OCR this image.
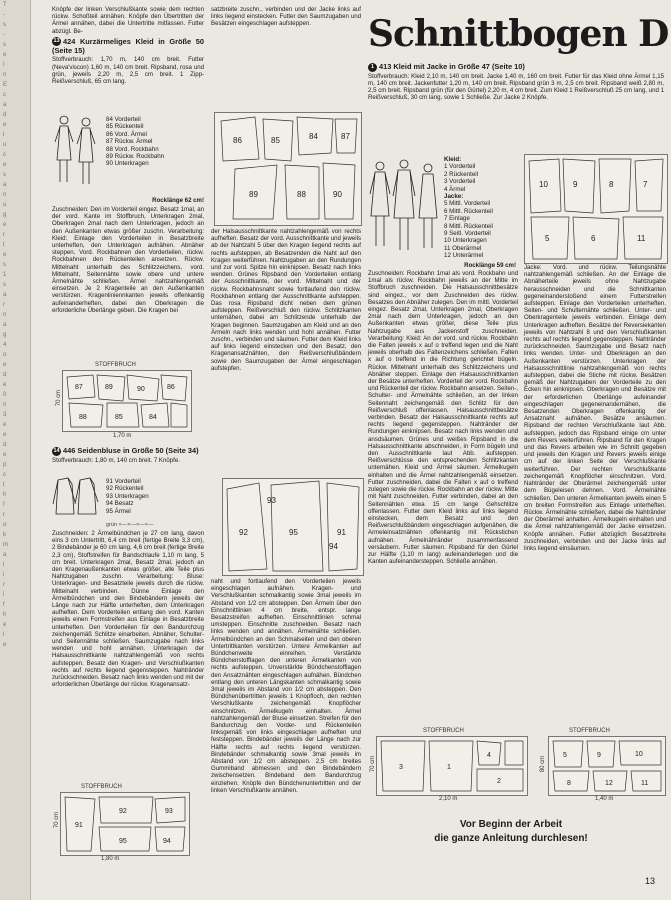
T
-
s
-
s
e
I
n
E
c
a
d
e
l
u
c
e
s
a
n
u
g
e
r
t
e
s
1
s
a
r
n
a
g
4
o
e
d
e
0
n
3
e
e
d
e
p
c
t
h
f
r
o
k
m
a
l
i
r
i
f
h
e
l
e
Schnittbogen D

Knöpfe der linken Verschlußkante sowie dem rechten rückw. Schoßteil annähen. Knöpfe den Übertritten der Ärmel annähen, dabei die Untertritte mitfassen. Futter abzügl. Be-

13 424 Kurzärmeliges Kleid in Größe 50 (Seite 15)

Stoffverbrauch: 1,70 m, 140 cm breit. Futter (Neva'viscon) 1,60 m, 140 cm breit. Ripsband, rosa und grün, jeweils 2,20 m, 2,5 cm breit. 1 Zipp-Reißverschluß, 65 cm lang.

84 Vorderteil
85 Rückenteil
86 Vord. Ärmel
87 Rückw. Ärmel
88 Vord. Rockbahn
89 Rückw. Rockbahn
90 Unterkragen
Rocklänge 62 cm!
Zuschneiden: Den im Vorderteil eingez. Besatz 1mal, an der vord. Kante im Stoffbruch, Unterkragen 2mal, Oberkragen 2mal nach dem Unterkragen, jedoch an den Außenkanten etwas größer zuschn. Verarbeitung: Kleid: Einlage den Vorderteilen in Besatzbreite unterheften, den Unterkragen aufnähen. Abnäher steppen. Vord. Rockbahnen den Vorderteilen, rückw. Rockbahnen den Rückenteilen ansetzen. Rückw. Mittelnaht unterhalb des Schlitzzeichens, vord. Mittelnaht, Seitennähte sowie obere und untere Ärmelnähte schließen. Ärmel nahtzahlengemäß einsetzen. Je 2 Kragenteile an den Außenkanten verstürzen. Kragenliniennkanten jeweils offenkantig aufeinanderheften, dabei den Oberkragen die erforderliche Überlänge geben. Die Kragen bei
STOFFBRUCH
87	89	90	86
88	85	84
70 cm
1,70 m
14 446 Seidenbluse in Größe 50 (Seite 34)

Stoffverbrauch: 1,80 m, 140 cm breit. 7 Knöpfe.

91 Vorderteil
92 Rückenteil
93 Unterkragen
94 Besatz
95 Ärmel
grün ×—×—×—×—
Zuschneiden: 2 Ärmelbündchen je 27 cm lang, davon eins 3 cm Untertritt, 6,4 cm breit (fertige Breite 3,3 cm), 2 Bindebänder je 60 cm lang, 4,6 cm breit (fertige Breite 2,3 cm), Stoffstreifen für Bandschlaufe 1,10 m lang, 5 cm breit. Unterkragen 2mal, Besatz 2mal, jedoch an den Kragenaußenkanten etwas größer, alle Teile plus Nahtzugaben zuschn. Verarbeitung: Bluse: Unterkragen- und Besatzteile jeweils durch die rückw. Mittelnaht verbinden. Dünne Einlage den Ärmelbündchen und den Bindebändern jeweils der Länge nach zur Hälfte unterheften, dem Unterkragen aufheften. Dem Vorderteilen entlang den vord. Kanten jeweils einen Formstreifen aus Einlage in Besatzbreite unterheften. Den Vorderteilen für den Bandurchzug zeichengemäß Schlitze einarbeiten. Abnäher, Schulter- und Seitennähte schließen. Saumzugabe nach links wenden und hohl annähen. Unterkragen der Halsausschnittkante nahtzahlengemäß von rechts aufsteppen. Besatz den Kragen- und Verschlußkanten rechts auf rechts liegend gegensteppen. Nahtränder zurückschneiden. Besatz nach links wenden und mit der erforderlichen Überlänge der rückw. Kragenansatz-
STOFFBRUCH
91
92	93
95	94
70 cm
1,80 m
satzbreite zuschn., verbinden und der Jacke links auf links liegend einstecken. Futter den Saumzugaben und Besätzen eingeschlagen aufsteppen.
86	85	84	87
89	88	90
der Halsausschnittkante nahtzahlengemäß von rechts aufheften. Besatz der vord. Ausschnittkante und jeweils ab der Nahtzahl 5 über den Kragen liegend rechts auf rechts aufsteppen, ab Besatzenden die Naht auf den Kragen weiterführen. Nahtzugaben an den Rundungen und zur vord. Spitze hin einknipsen. Besatz nach links wenden. Grünes Ripsband den Vorderteilen entlang der Ausschnittkante, der vord. Mittelnaht und der rückw. Rockbahnsnaht sowie fortlaufend den rückw. Rockbahnen entlang der Ausschnittkante aufsteppen. Das rosa Ripsband dicht neben dem grünen aufsteppen. Reißverschluß den rückw. Schlitzkanten unternähen, dabei am Schlitzende unterhalb der Kragen beginnen. Saumzugaben am Kleid und an den Ärmeln nach links wenden und hohl annähen. Futter zuschn., verbinden und säumen. Futter dem Kleid links auf links liegend einstecken und den Besatz, den Kragenansatznähten, den Reißverschlußbändern sowie den Saumzugaben der Ärmel eingeschlagen aufstepfen.
92	95	91
93
94
naht und fortlaufend den Vorderteilen jeweils eingeschlagen aufnähen. Kragen- und Verschlußkanten schmalkantig sowie 3mal jeweils im Abstand von 1/2 cm absteppen. Den Ärmeln über den Einschnittlinien 4 cm breite, entspr. lange Besatzstreifen aufheften. Einschnittlinien schmal umsteppen. Einschnitte zuschneiden. Besatz nach links wenden und annähen. Ärmelnähte schließen. Ärmelbündchen an den Schmalseiten und den oberen Untertrittkanten verstürzen. Untere Ärmelkanten auf Bündchenweite einreihen. Verstärkte Bündchenstofflagen den unteren Ärmelkanten von rechts aufsteppen. Unverstärkte Bündchenstofflagen den Ansatznähten eingeschlagen aufnähen. Bündchen entlang den unteren Längskanten schmalkantig sowie 3mal jeweils im Abstand von 1/2 cm absteppen. Den Bündchenübertritten jeweils 1 Knopfloch, den rechten Verschlußkante zeichengemäß Knopflöcher einschnitzen. Ärmelkugeln einhalten. Ärmel nahtzahlengemäß der Bluse einsetzen. Streifen für den Bandurchzug den Vorder- und Rückenteilen linksgemäß von links eingeschlagen aufheften und feststeppen. Bindebänder jeweils der Länge nach zur Hälfte rechts auf rechts liegend verstürzen. Bindebänder schmalkantig sowie 3mal jeweils im Abstand von 1/2 cm absteppen. 2,5 cm breites Gummiband abmessen und den Bindebändern zwischensetzen. Bindeband dem Bandurchzug einziehen. Knöpfe den Bündchenuntertritten und der linken Verschlußkante annähen.
1 413 Kleid mit Jacke in Größe 47 (Seite 10)

Stoffverbrauch: Kleid 2,10 m, 140 cm breit. Jacke 1,40 m, 160 cm breit. Futter für das Kleid ohne Ärmel 1,15 m, 140 cm breit. Jackenfutter 1,20 m, 140 cm breit. Ripsband grün 3 m, 2,5 cm breit. Ripsband weiß 2,80 m, 2,5 cm breit. Ripsband grün (für den Gürtel) 2,20 m, 4 cm breit. Zum Kleid 1 Reißverschluß 25 cm lang, und 1 Reißverschluß, 30 cm lang, sowie 1 Schließe. Zur Jacke 2 Knöpfe.

Kleid:
1 Vorderteil
2 Rückenteil
3 Vorderteil
4 Ärmel
Jacke:
5 Mittl. Vorderteil
6 Mittl. Rückenteil
7 Einlage
8 Mittl. Rückenteil
9 Seitl. Vorderteil
10 Unterkragen
11 Oberärmel
12 Unterärmel
Rocklänge 59 cm!
Zuschneiden: Rockbahn 1mal als vord. Rockbahn und 1mal als rückw. Rockbahn jeweils an der Mitte im Stoffbruch zuschneiden. Die Halsausschnittbesätze sind eingez., vor dem Zuschneiden des rückw. Besatzes den Abnäher zulegen. Den im mittl. Vorderteil eingez. Besatz 2mal, Unterkragen 2mal, Oberkragen 2mal nach dem Unterkragen, jedoch an den Außenkanten etwas größer, diese Teile plus Nahtzugabe aus Jackenstoff zuschneiden. Verarbeitung: Kleid: An der vord. und rückw. Rockbahn die Falten jeweils x auf o treffend legen und die Naht jeweils oberhalb des Faltenzeichens schließen. Falten x auf o treffend in die Richtung gerichtet bügeln. Rückw. Mittelnaht unterhalb des Schlitzzeichens und Abnäher steppen. Einlage den Halsausschnittkanten der Besätze unterheften. Vorderteil der vord. Rockbahn und Rückenteil der rückw. Rockbahn ansetzen. Seiten-, Schulter- und Ärmelnähte schließen, an der linken Seitennaht zeichengemäß den Schlitz für den Reißverschluß offenlassen. Halsausschnittbesätze verbinden. Besatz der Halsausschnittkante rechts auf rechts liegend gegensteppen. Nahtränder der Rundungen einknipsen. Besatz nach links wenden und ansdsäumen. Grünes und weißes Ripsband in die Halsausschnittkante abschneiden, in Form bügeln und den Ausschnittkante laut Abb. aufsteppen. Reißverschlüsse den entsprechenden Schlitzkanten unternähen. Kleid und Ärmel säumen. Ärmelkugeln einhalten und die Ärmel nahtzahlengemäß einsetzen. Futter zuschneiden, dabei die Falten x auf o treffend zulegen sowie die rückw. Rockbahn an der rückw. Mitte mit Naht zuschneiden. Futter verbinden, dabei an den Seitennähten etwa 15 cm lange Gehschlitze offenlassen. Futter dem Kleid links auf links liegend einstecken, dem Besatz und den Reißverschlußbändern eingeschlagen aufgenähen, die Armeleinsatznähten offenkantig mit Rückstichen aufnähen. Ärmelnähränder zusammenfassend versäubern. Futter säumen. Ripsband für den Gürtel zur Hälfte (1,10 m lang) aufeinanderlegen und die Kanten aufeinandersteppen. Schließe annähen.
10	9	8	7
5	6	11
Jacke: Vord. und rückw. Teilungsnähte nahtzahlengemäß schließen. An der Einlage die Abnäherteile jeweils ohne Nahtzugabe herausschneiden und die Schnittkanten gegeneinanderstoßend einem Futterstreifen aufsteppen. Einlage den Vorderteilen unterheften. Seiten- und Schulternähte schließen. Unter- und Oberkragenteile jeweils verbinden. Einlage dem Unterkragen aufheften. Besätze der Reversiekanten jeweils von Nahtzahl 8 und den Verschlußkanten rechts auf rechts liegend gegensteppen. Nahtränder zurückschneiden. Saumzugabe und Besatz nach links wenden. Unter- und Oberkragen an den Außenkanten verstürzen. Unterkragen der Halsausschnittlinie nahtzahlengemäß von rechts aufsteppen, dabei die Stiche mit rückw. Besätzen gemäß der Nahtzugaben der Vorderteile zu den Ecken hin einknipsen. Oberkragen und Besätze mit der erforderlichen Überlänge aufeinander eingeschlagen gegeneinandernähen, die Besatzenden Oberkragen offenkantig der Ansatznaht aufnähen. Besätze ansäumen. Ripsband der rechten Verschlußkante laut Abb. aufsteppen, jedoch das Ripsband einige cm unter dem Revers weiterführen. Ripsband für den Kragen und das Revers arbeiten wie im Schnitt gegeben und jeweils den Kragen und Revers jeweils einige cm auf der linken Seite der Verschlußkante weiterführen. Der rechten Verschlußkante zeichengemäß Knopflöcher einschnitzen. Vord. Nahtränder der Oberärmel zeichengemäß unter dem Bügeleisen dehnen. Vord. Ärmelnähte schließen. Den unteren Ärmelkanten jeweils einen 5 cm breiten Formstreifen aus Einlage unterheften. Rückw. Ärmelnähte schließen, dabei die Nahtränder der Oberärmel anhalten. Ärmelkugeln einhalten und die Ärmel nahtzahlengemäß der Jacke einsetzen. Knöpfe annähen. Futter abzüglich Besatzbreite zuschneiden, verbinden und der Jacke links auf links liegend einsäumen.
STOFFBRUCH
3	1
4
2
70 cm
2,10 m
STOFFBRUCH
5	9	10
8	12	11
80 cm
1,40 m
Vor Beginn der Arbeit
die ganze Anleitung durchlesen!
13
